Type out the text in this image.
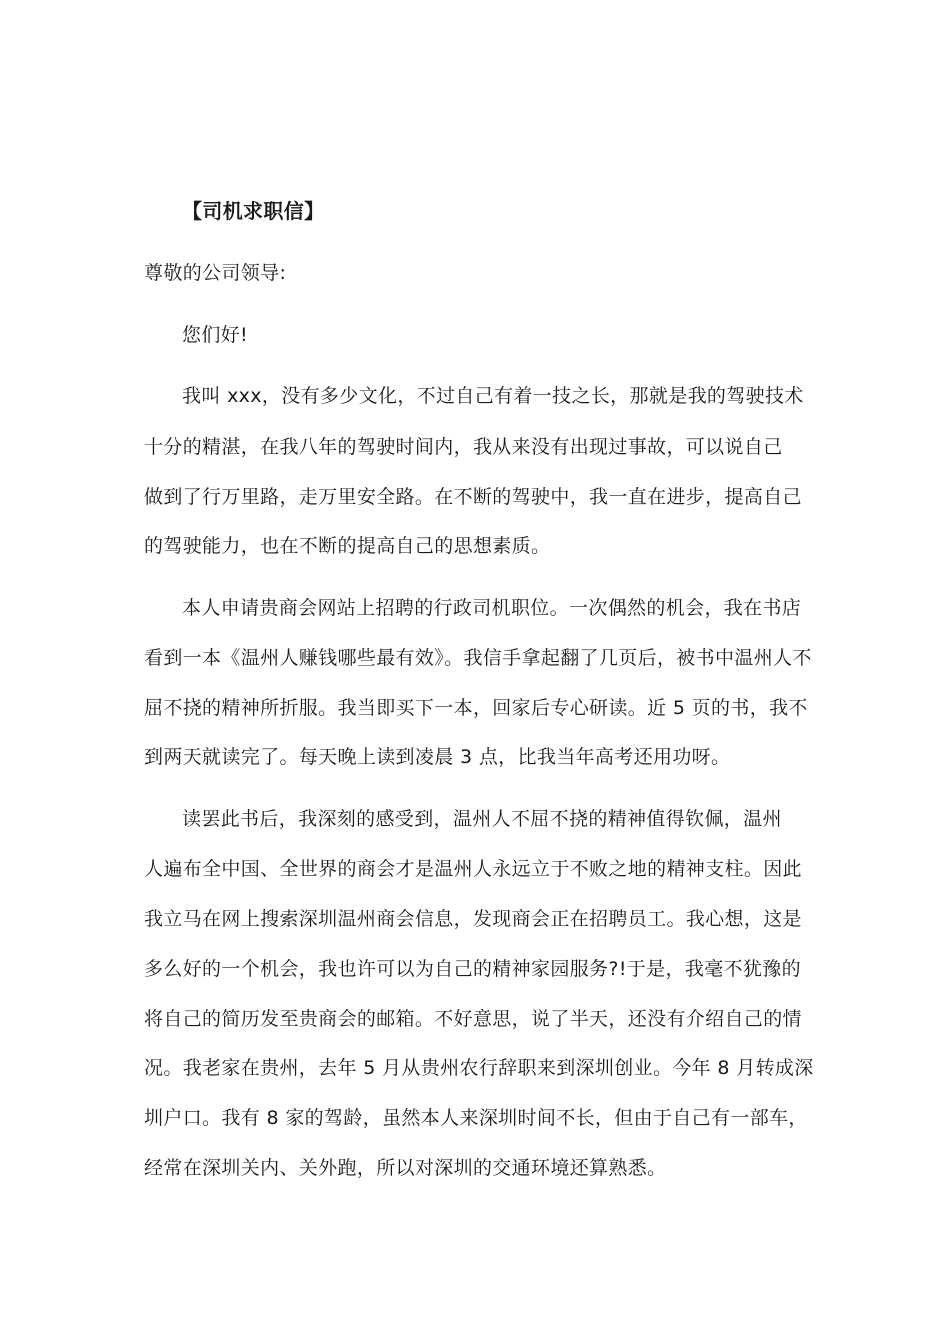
【司机求职信】

尊敬的公司领导:

您们好!

我叫 xxx，没有多少文化，不过自己有着一技之长，那就是我的驾驶技术

十分的精湛，在我八年的驾驶时间内，我从来没有出现过事故，可以说自己

做到了行万里路，走万里安全路。在不断的驾驶中，我一直在进步，提高自己

的驾驶能力，也在不断的提高自己的思想素质。

本人申请贵商会网站上招聘的行政司机职位。一次偶然的机会，我在书店

看到一本《温州人赚钱哪些最有效》。我信手拿起翻了几页后，被书中温州人不

屈不挠的精神所折服。我当即买下一本，回家后专心研读。近 5 页的书，我不

到两天就读完了。每天晚上读到凌晨 3 点，比我当年高考还用功呀。

读罢此书后，我深刻的感受到，温州人不屈不挠的精神值得钦佩，温州

人遍布全中国、全世界的商会才是温州人永远立于不败之地的精神支柱。因此

我立马在网上搜索深圳温州商会信息，发现商会正在招聘员工。我心想，这是

多么好的一个机会，我也许可以为自己的精神家园服务?!于是，我毫不犹豫的

将自己的简历发至贵商会的邮箱。不好意思，说了半天，还没有介绍自己的情

况。我老家在贵州，去年 5 月从贵州农行辞职来到深圳创业。今年 8 月转成深

圳户口。我有 8 家的驾龄，虽然本人来深圳时间不长，但由于自己有一部车，

经常在深圳关内、关外跑，所以对深圳的交通环境还算熟悉。
